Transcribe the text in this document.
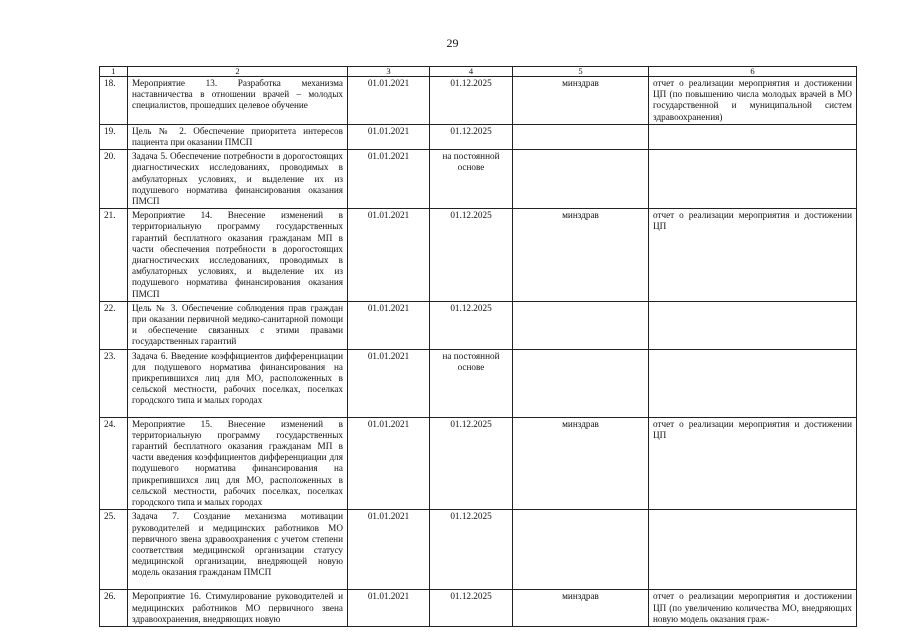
29
1	2	3	4	5	6
18.	Мероприятие 13. Разработка механизма наставничества в отношении врачей – молодых специалистов, прошедших целевое обучение	01.01.2021	01.12.2025	минздрав	отчет о реализации мероприятия и достижении ЦП (по повышению числа молодых врачей в МО государственной и муниципальной систем здравоохранения)
19.	Цель № 2. Обеспечение приоритета интересов пациента при оказании ПМСП	01.01.2021	01.12.2025		
20.	Задача 5. Обеспечение потребности в дорогостоящих диагностических исследованиях, проводимых в амбулаторных условиях, и выделение их из подушевого норматива финансирования оказания ПМСП	01.01.2021	на постоянной основе		
21.	Мероприятие 14. Внесение изменений в территориальную программу государственных гарантий бесплатного оказания гражданам МП в части обеспечения потребности в дорогостоящих диагностических исследованиях, проводимых в амбулаторных условиях, и выделение их из подушевого норматива финансирования оказания ПМСП	01.01.2021	01.12.2025	минздрав	отчет о реализации мероприятия и достижении ЦП
22.	Цель № 3. Обеспечение соблюдения прав граждан при оказании первичной медико-санитарной помощи и обеспечение связанных с этими правами государственных гарантий	01.01.2021	01.12.2025		
23.	Задача 6. Введение коэффициентов дифференциации для подушевого норматива финансирования на прикрепившихся лиц для МО, расположенных в сельской местности, рабочих поселках, поселках городского типа и малых городах	01.01.2021	на постоянной основе		
24.	Мероприятие 15. Внесение изменений в территориальную программу государственных гарантий бесплатного оказания гражданам МП в части введения коэффициентов дифференциации для подушевого норматива финансирования на прикрепившихся лиц для МО, расположенных в сельской местности, рабочих поселках, поселках городского типа и малых городах	01.01.2021	01.12.2025	минздрав	отчет о реализации мероприятия и достижении ЦП
25.	Задача 7. Создание механизма мотивации руководителей и медицинских работников МО первичного звена здравоохранения с учетом степени соответствия медицинской организации статусу медицинской организации, внедряющей новую модель оказания гражданам ПМСП	01.01.2021	01.12.2025		
26.	Мероприятие 16. Стимулирование руководителей и медицинских работников МО первичного звена здравоохранения, внедряющих новую	01.01.2021	01.12.2025	минздрав	отчет о реализации мероприятия и достижении ЦП (по увеличению количества МО, внедряющих новую модель оказания граж-
